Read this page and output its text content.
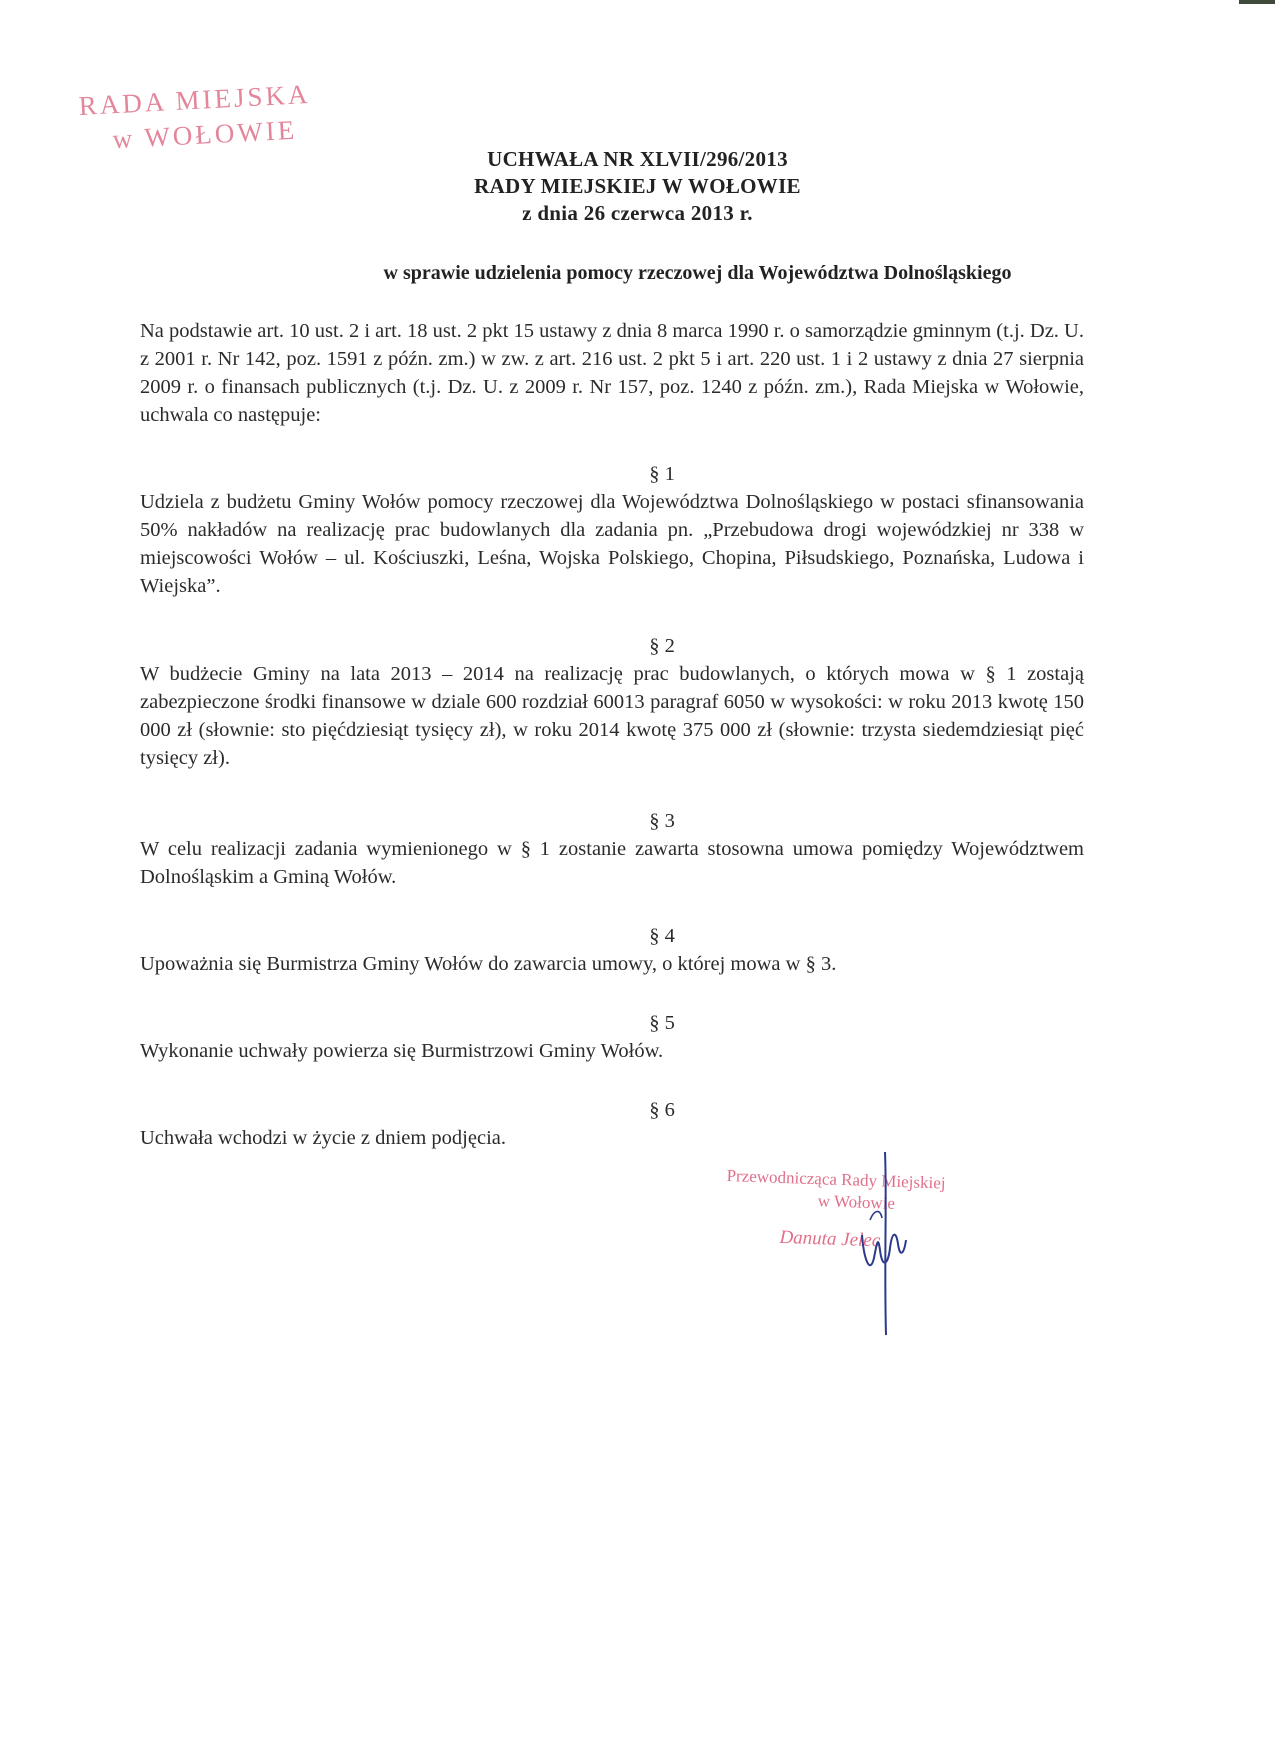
RADA MIEJSKA
w WOŁOWIE
UCHWAŁA NR XLVII/296/2013
RADY MIEJSKIEJ W WOŁOWIE
z dnia 26 czerwca 2013 r.
w sprawie udzielenia pomocy rzeczowej dla Województwa Dolnośląskiego
Na podstawie art. 10 ust. 2 i art. 18 ust. 2 pkt 15 ustawy z dnia 8 marca 1990 r. o samorządzie gminnym (t.j. Dz. U. z 2001 r. Nr 142, poz. 1591 z późn. zm.) w zw. z art. 216 ust. 2 pkt 5 i art. 220 ust. 1 i 2 ustawy z dnia 27 sierpnia 2009 r. o finansach publicznych (t.j. Dz. U. z 2009 r. Nr 157, poz. 1240 z późn. zm.), Rada Miejska w Wołowie, uchwala co następuje:
§ 1
Udziela z budżetu Gminy Wołów pomocy rzeczowej dla Województwa Dolnośląskiego w postaci sfinansowania 50% nakładów na realizację prac budowlanych dla zadania pn. „Przebudowa drogi wojewódzkiej nr 338 w miejscowości Wołów – ul. Kościuszki, Leśna, Wojska Polskiego, Chopina, Piłsudskiego, Poznańska, Ludowa i Wiejska”.
§ 2
W budżecie Gminy na lata 2013 – 2014 na realizację prac budowlanych, o których mowa w § 1 zostają zabezpieczone środki finansowe w dziale 600 rozdział 60013 paragraf 6050 w wysokości: w roku 2013 kwotę 150 000 zł (słownie: sto pięćdziesiąt tysięcy zł), w roku 2014 kwotę 375 000 zł (słownie: trzysta siedemdziesiąt pięć tysięcy zł).
§ 3
W celu realizacji zadania wymienionego w § 1 zostanie zawarta stosowna umowa pomiędzy Województwem Dolnośląskim a Gminą Wołów.
§ 4
Upoważnia się Burmistrza Gminy Wołów do zawarcia umowy, o której mowa w § 3.
§ 5
Wykonanie uchwały powierza się Burmistrzowi Gminy Wołów.
§ 6
Uchwała wchodzi w życie z dniem podjęcia.
Przewodnicząca Rady Miejskiej
w Wołowie
Danuta Jelec
